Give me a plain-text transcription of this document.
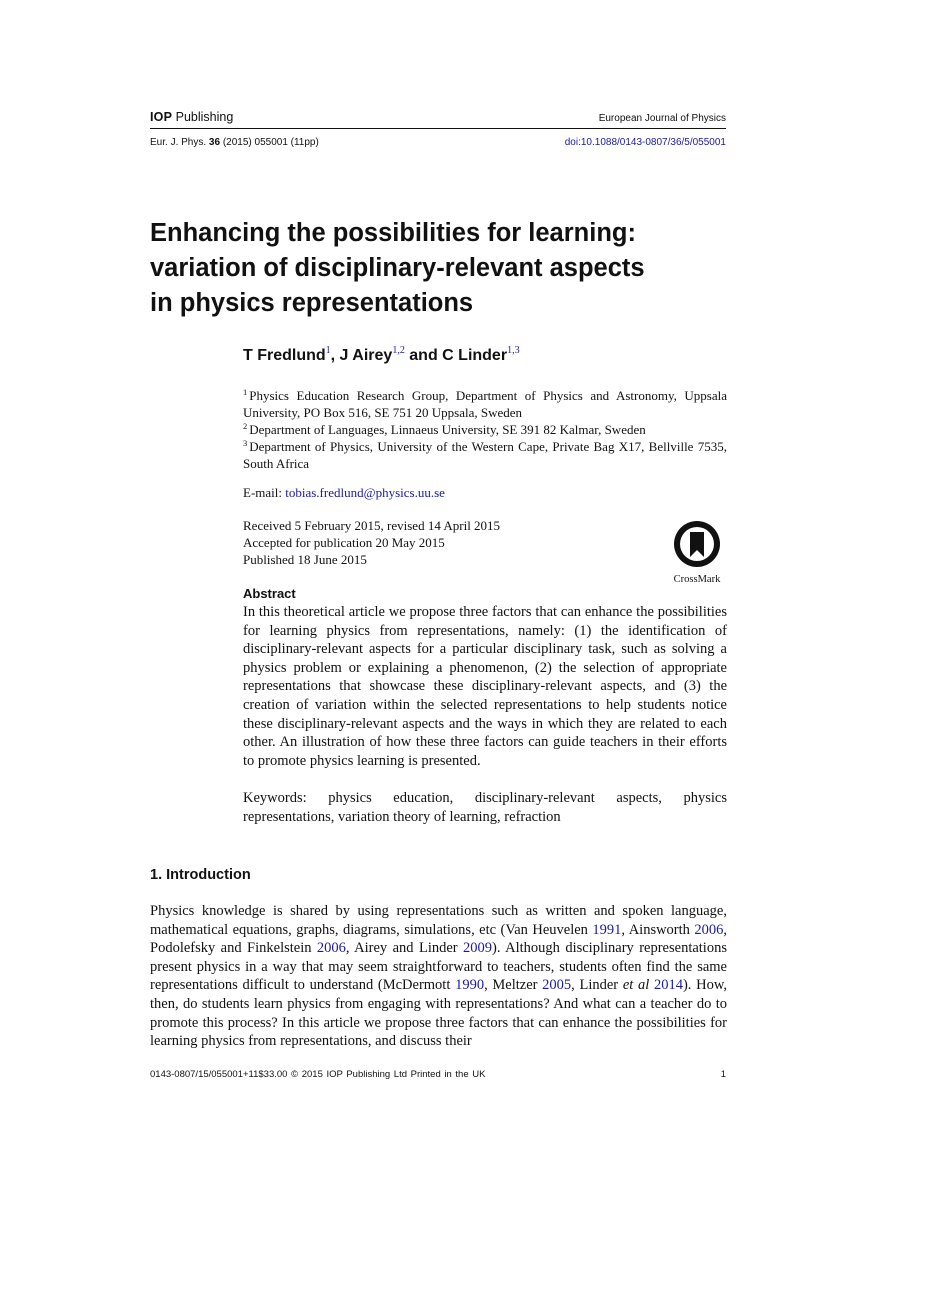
IOP Publishing	European Journal of Physics
Eur. J. Phys. 36 (2015) 055001 (11pp)	doi:10.1088/0143-0807/36/5/055001
Enhancing the possibilities for learning:
variation of disciplinary-relevant aspects
in physics representations
T Fredlund$^1$, J Airey$^{1,2}$ and C Linder$^{1,3}$
$^1$ Physics Education Research Group, Department of Physics and Astronomy, Uppsala University, PO Box 516, SE 751 20 Uppsala, Sweden
$^2$ Department of Languages, Linnaeus University, SE 391 82 Kalmar, Sweden
$^3$ Department of Physics, University of the Western Cape, Private Bag X17, Bellville 7535, South Africa
E-mail: tobias.fredlund@physics.uu.se
Received 5 February 2015, revised 14 April 2015
Accepted for publication 20 May 2015
Published 18 June 2015
CrossMark
Abstract
In this theoretical article we propose three factors that can enhance the possibilities for learning physics from representations, namely: (1) the identification of disciplinary-relevant aspects for a particular disciplinary task, such as solving a physics problem or explaining a phenomenon, (2) the selection of appropriate representations that showcase these disciplinary-relevant aspects, and (3) the creation of variation within the selected representations to help students notice these disciplinary-relevant aspects and the ways in which they are related to each other. An illustration of how these three factors can guide teachers in their efforts to promote physics learning is presented.
Keywords: physics education, disciplinary-relevant aspects, physics representations, variation theory of learning, refraction
1. Introduction
Physics knowledge is shared by using representations such as written and spoken language, mathematical equations, graphs, diagrams, simulations, etc (Van Heuvelen 1991, Ainsworth 2006, Podolefsky and Finkelstein 2006, Airey and Linder 2009). Although disciplinary representations present physics in a way that may seem straightforward to teachers, students often find the same representations difficult to understand (McDermott 1990, Meltzer 2005, Linder et al 2014). How, then, do students learn physics from engaging with representations? And what can a teacher do to promote this process? In this article we propose three factors that can enhance the possibilities for learning physics from representations, and discuss their
0143-0807/15/055001+11$33.00 © 2015 IOP Publishing Ltd Printed in the UK	1
